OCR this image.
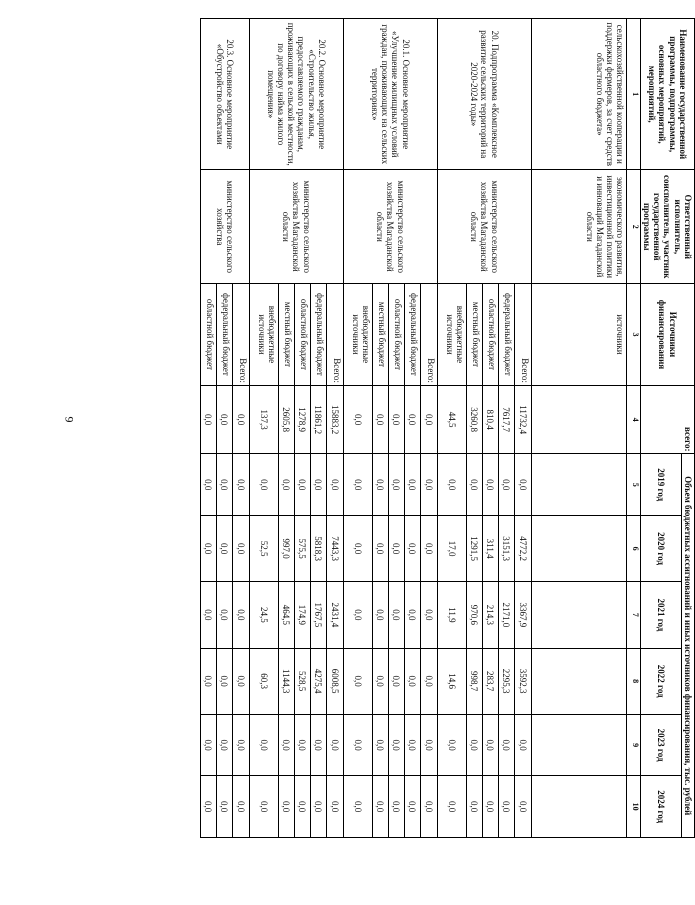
9
Наименование государственной программы, подпрограммы, основных мероприятий, мероприятий,	Ответственный исполнитель, соисполнитель, участник государственной программы	Источники финансирования	всего:	Объем бюджетных ассигнований и иных источников финансирования, тыс. рублей					
				2019 год	2020 год	2021 год	2022 год	2023 год	2024 год
1	2	3	4	5	6	7	8	9	10
сельскохозяйственной кооперации и поддержки фермеров, за счет средств областного бюджета»	экономического развития, инвестиционной политики и инноваций Магаданской области	источники							
20. Подпрограмма «Комплексное развитие сельских территорий на 2020-2024 годы»	министерство сельского хозяйства Магаданской области	Всего:	11732,4	0,0	4772,2	3367,9	3592,3	0,0	0,0
		федеральный бюджет	7617,7	0,0	3151,3	2171,0	2295,3	0,0	0,0
		областной бюджет	810,4	0,0	311,4	214,3	283,7	0,0	0,0
		местный бюджет	3260,8	0,0	1291,5	970,6	998,7	0,0	0,0
		внебюджетные источники	44,5	0,0	17,0	11,9	14,6	0,0	0,0
20.1. Основное мероприятие «Улучшение жилищных условий граждан, проживающих на сельских территориях»	министерство сельского хозяйства Магаданской области	Всего:	0,0	0,0	0,0	0,0	0,0	0,0	0,0
		федеральный бюджет	0,0	0,0	0,0	0,0	0,0	0,0	0,0
		областной бюджет	0,0	0,0	0,0	0,0	0,0	0,0	0,0
		местный бюджет	0,0	0,0	0,0	0,0	0,0	0,0	0,0
		внебюджетные источники	0,0	0,0	0,0	0,0	0,0	0,0	0,0
20.2. Основное мероприятие «Строительство жилья, предоставляемого гражданам, проживающих в сельской местности, по договору найма жилого помещения»	министерство сельского хозяйства Магаданской области	Всего:	15883,2	0,0	7443,3	2431,4	6008,5	0,0	0,0
		федеральный бюджет	11861,2	0,0	5818,3	1767,5	4275,4	0,0	0,0
		областной бюджет	1278,9	0,0	575,5	174,9	528,5	0,0	0,0
		местный бюджет	2605,8	0,0	997,0	464,5	1144,3	0,0	0,0
		внебюджетные источники	137,3	0,0	52,5	24,5	60,3	0,0	0,0
20.3. Основное мероприятие «Обустройство объектами	министерство сельского хозяйства	Всего:	0,0	0,0	0,0	0,0	0,0	0,0	0,0
		федеральный бюджет	0,0	0,0	0,0	0,0	0,0	0,0	0,0
		областной бюджет	0,0	0,0	0,0	0,0	0,0	0,0	0,0
